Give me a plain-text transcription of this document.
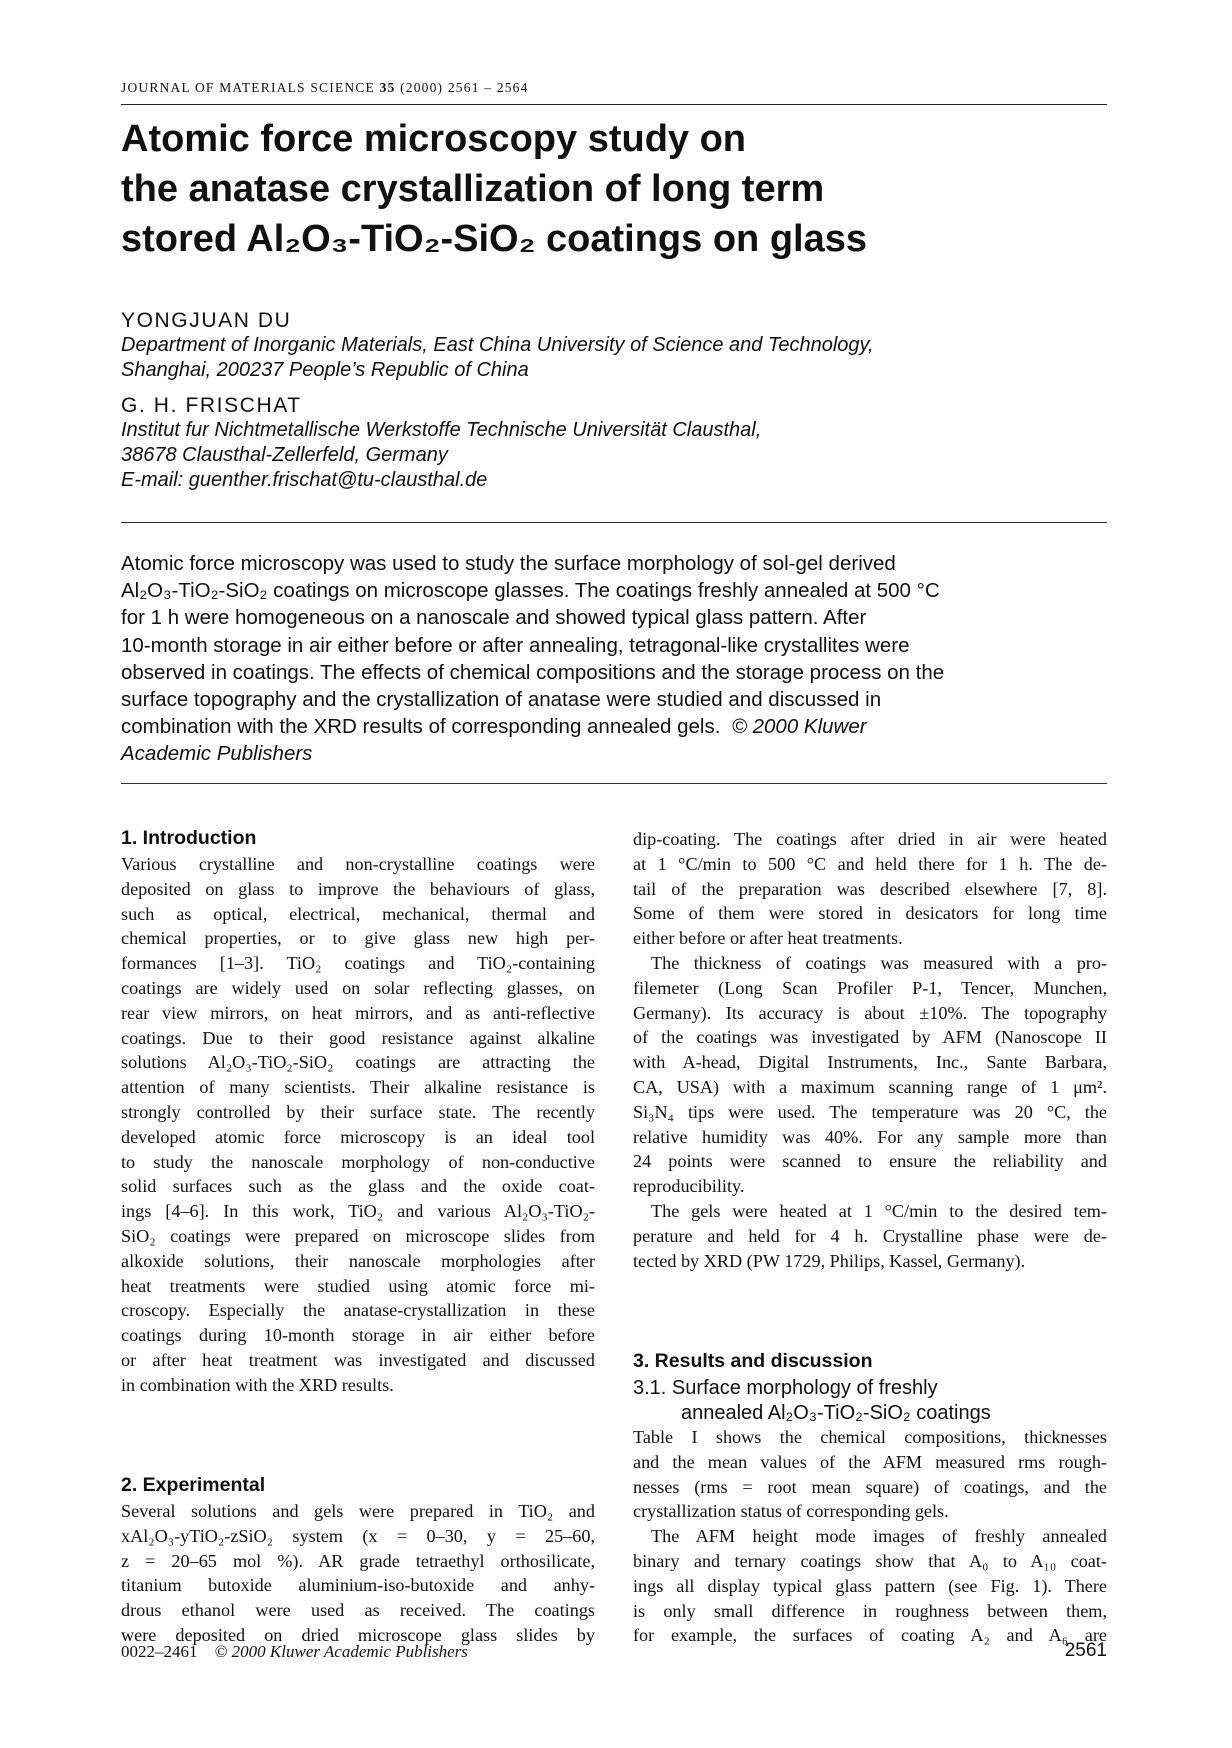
JOURNAL OF MATERIALS SCIENCE 35 (2000) 2561 – 2564
Atomic force microscopy study on
the anatase crystallization of long term
stored Al₂O₃-TiO₂-SiO₂ coatings on glass
YONGJUAN DU
Department of Inorganic Materials, East China University of Science and Technology,
Shanghai, 200237 People’s Republic of China
G. H. FRISCHAT
Institut fur Nichtmetallische Werkstoffe Technische Universität Clausthal,
38678 Clausthal-Zellerfeld, Germany
E-mail: guenther.frischat@tu-clausthal.de
Atomic force microscopy was used to study the surface morphology of sol-gel derived
Al₂O₃-TiO₂-SiO₂ coatings on microscope glasses. The coatings freshly annealed at 500 °C
for 1 h were homogeneous on a nanoscale and showed typical glass pattern. After
10-month storage in air either before or after annealing, tetragonal-like crystallites were
observed in coatings. The effects of chemical compositions and the storage process on the
surface topography and the crystallization of anatase were studied and discussed in
combination with the XRD results of corresponding annealed gels. © 2000 Kluwer
Academic Publishers
1. Introduction
Various crystalline and non-crystalline coatings were
deposited on glass to improve the behaviours of glass,
such as optical, electrical, mechanical, thermal and
chemical properties, or to give glass new high per-
formances [1–3]. TiO₂ coatings and TiO₂-containing
coatings are widely used on solar reflecting glasses, on
rear view mirrors, on heat mirrors, and as anti-reflective
coatings. Due to their good resistance against alkaline
solutions Al₂O₃-TiO₂-SiO₂ coatings are attracting the
attention of many scientists. Their alkaline resistance is
strongly controlled by their surface state. The recently
developed atomic force microscopy is an ideal tool
to study the nanoscale morphology of non-conductive
solid surfaces such as the glass and the oxide coat-
ings [4–6]. In this work, TiO₂ and various Al₂O₃-TiO₂-
SiO₂ coatings were prepared on microscope slides from
alkoxide solutions, their nanoscale morphologies after
heat treatments were studied using atomic force mi-
croscopy. Especially the anatase-crystallization in these
coatings during 10-month storage in air either before
or after heat treatment was investigated and discussed
in combination with the XRD results.
2. Experimental
Several solutions and gels were prepared in TiO₂ and
xAl₂O₃-yTiO₂-zSiO₂ system (x = 0–30, y = 25–60,
z = 20–65 mol %). AR grade tetraethyl orthosilicate,
titanium butoxide aluminium-iso-butoxide and anhy-
drous ethanol were used as received. The coatings
were deposited on dried microscope glass slides by
dip-coating. The coatings after dried in air were heated
at 1 °C/min to 500 °C and held there for 1 h. The de-
tail of the preparation was described elsewhere [7, 8].
Some of them were stored in desicators for long time
either before or after heat treatments.
The thickness of coatings was measured with a pro-
filemeter (Long Scan Profiler P-1, Tencer, Munchen,
Germany). Its accuracy is about ±10%. The topography
of the coatings was investigated by AFM (Nanoscope II
with A-head, Digital Instruments, Inc., Sante Barbara,
CA, USA) with a maximum scanning range of 1 μm².
Si₃N₄ tips were used. The temperature was 20 °C, the
relative humidity was 40%. For any sample more than
24 points were scanned to ensure the reliability and
reproducibility.
The gels were heated at 1 °C/min to the desired tem-
perature and held for 4 h. Crystalline phase were de-
tected by XRD (PW 1729, Philips, Kassel, Germany).
3. Results and discussion
3.1. Surface morphology of freshly
annealed Al₂O₃-TiO₂-SiO₂ coatings
Table I shows the chemical compositions, thicknesses
and the mean values of the AFM measured rms rough-
nesses (rms = root mean square) of coatings, and the
crystallization status of corresponding gels.
The AFM height mode images of freshly annealed
binary and ternary coatings show that A₀ to A₁₀ coat-
ings all display typical glass pattern (see Fig. 1). There
is only small difference in roughness between them,
for example, the surfaces of coating A₂ and A₆ are
0022–2461 © 2000 Kluwer Academic Publishers	2561
